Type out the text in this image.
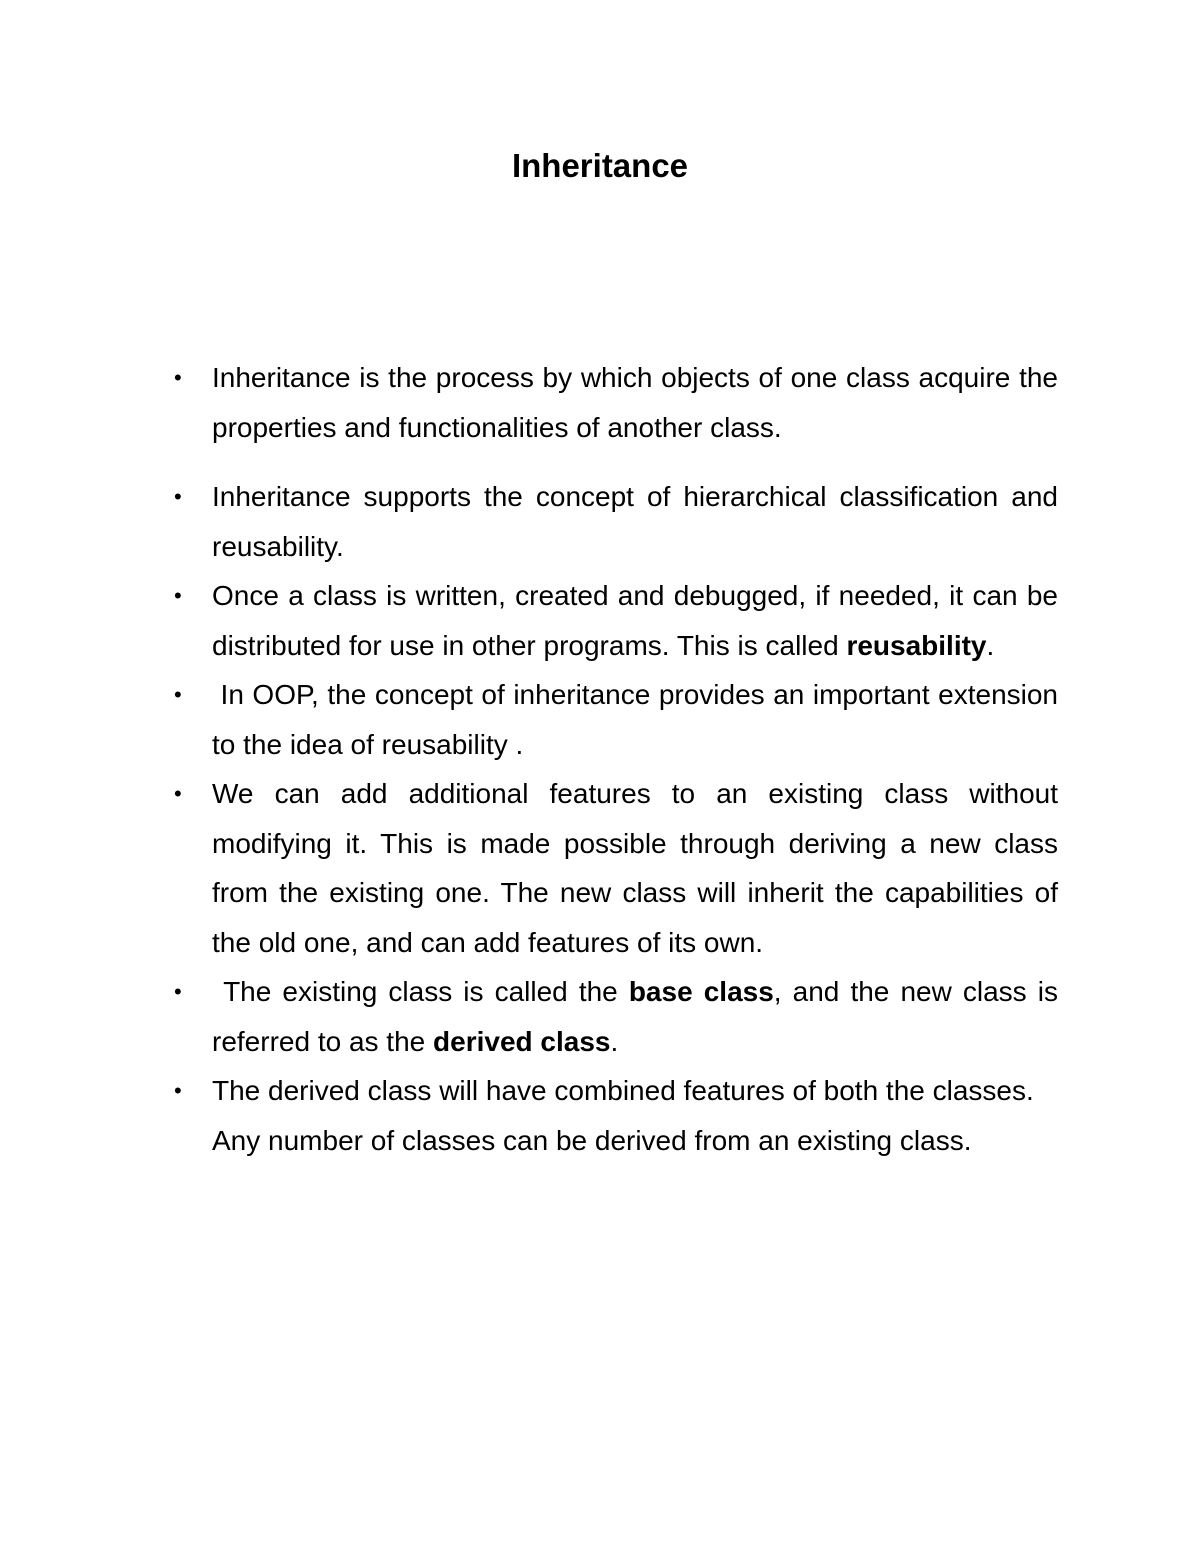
Inheritance
•	Inheritance is the process by which objects of one class acquire the properties and functionalities of another class.
•	Inheritance supports the concept of hierarchical classification and reusability.
•	Once a class is written, created and debugged, if needed, it can be distributed for use in other programs. This is called reusability.
•	In OOP, the concept of inheritance provides an important extension to the idea of reusability .
•	We can add additional features to an existing class without modifying it. This is made possible through deriving a new class from the existing one. The new class will inherit the capabilities of the old one, and can add features of its own.
•	The existing class is called the base class, and the new class is referred to as the derived class.
•	The derived class will have combined features of both the classes. Any number of classes can be derived from an existing class.
